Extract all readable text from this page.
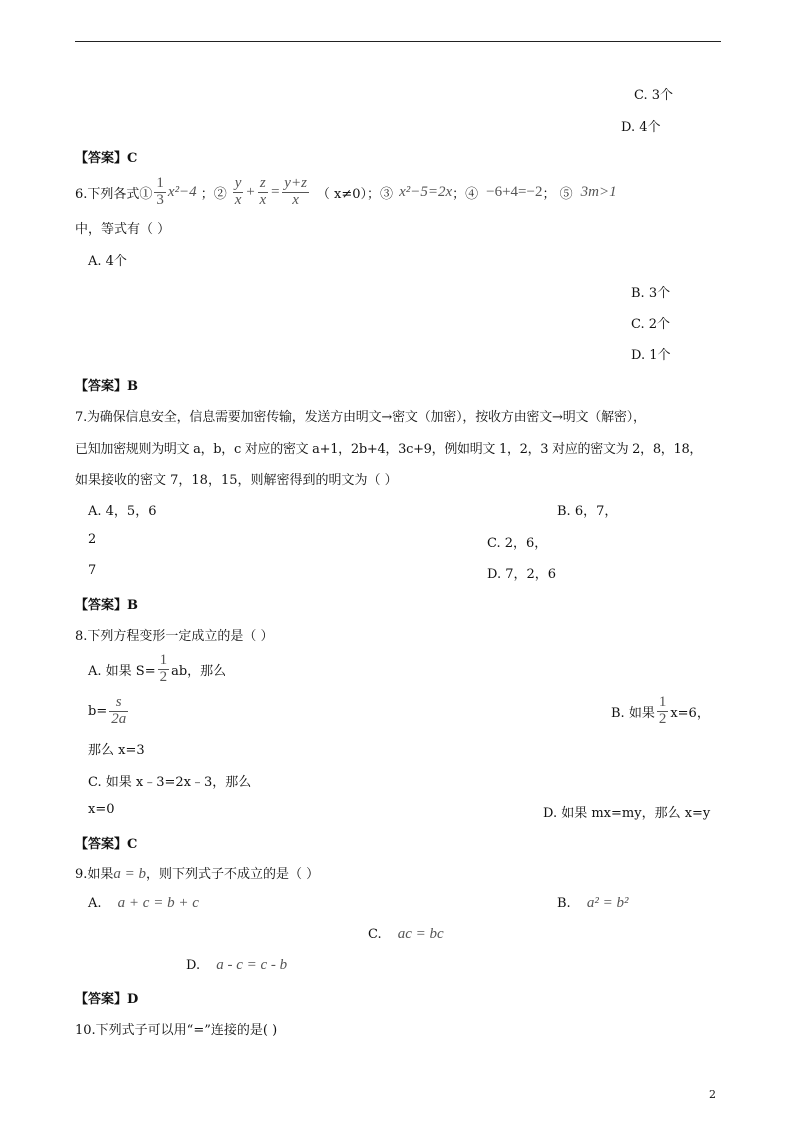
C. 3个
D. 4个
【答案】C
6.下列各式① $\frac{1}{3} x^2-4$ ；② $\frac{y}{x} + \frac{z}{x} = \frac{y+z}{x}$ （ x≠0）；③ x²−5=2x ；④ −6+4=−2 ； ⑤ 3m>1
中，等式有（ ）
A. 4个
B. 3个
C. 2个
D. 1个
【答案】B
7.为确保信息安全，信息需要加密传输，发送方由明文→密文（加密），按收方由密文→明文（解密），
已知加密规则为明文 a，b，c 对应的密文 a+1，2b+4，3c+9，例如明文 1，2，3 对应的密文为 2，8，18，
如果接收的密文 7，18，15，则解密得到的明文为（ ）
A. 4，5，6	B. 6，7，
2	C. 2，6，
7	D. 7，2，6
【答案】B
8.下列方程变形一定成立的是（ ）
A. 如果 $S= \frac{1}{2}$ ab，那么
$b= \frac{s}{2a}$	B. 如果 $\frac{1}{2} x=6$，
那么 x=3
C. 如果 x﹣3=2x﹣3，那么
x=0	D. 如果 mx=my，那么 x=y
【答案】C
9.如果a = b，则下列式子不成立的是（ ）
A. a + c = b + c	B. a² = b²
C. ac = bc
D. a - c = c - b
【答案】D
10.下列式子可以用“=”连接的是( )
2
